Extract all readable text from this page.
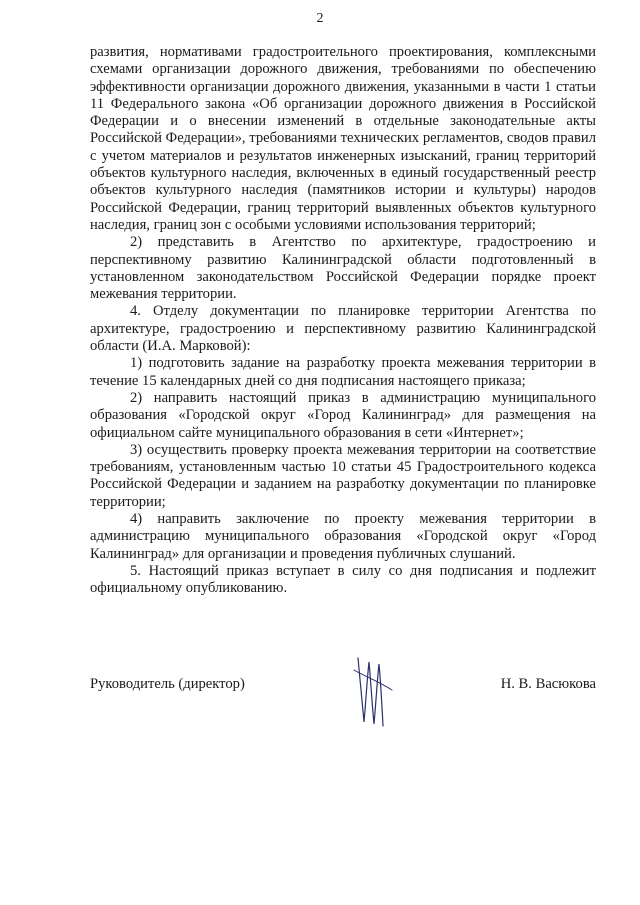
2

развития, нормативами градостроительного проектирования, комплексными схемами организации дорожного движения, требованиями по обеспечению эффективности организации дорожного движения, указанными в части 1 статьи 11 Федерального закона «Об организации дорожного движения в Российской Федерации и о внесении изменений в отдельные законодательные акты Российской Федерации», требованиями технических регламентов, сводов правил с учетом материалов и результатов инженерных изысканий, границ территорий объектов культурного наследия, включенных в единый государственный реестр объектов культурного наследия (памятников истории и культуры) народов Российской Федерации, границ территорий выявленных объектов культурного наследия, границ зон с особыми условиями использования территорий;

2) представить в Агентство по архитектуре, градостроению и перспективному развитию Калининградской области подготовленный в установленном законодательством Российской Федерации порядке проект межевания территории.

4. Отделу документации по планировке территории Агентства по архитектуре, градостроению и перспективному развитию Калининградской области (И.А. Марковой):

1) подготовить задание на разработку проекта межевания территории в течение 15 календарных дней со дня подписания настоящего приказа;

2) направить настоящий приказ в администрацию муниципального образования «Городской округ «Город Калининград» для размещения на официальном сайте муниципального образования в сети «Интернет»;

3) осуществить проверку проекта межевания территории на соответствие требованиям, установленным частью 10 статьи 45 Градостроительного кодекса Российской Федерации и заданием на разработку документации по планировке территории;

4) направить заключение по проекту межевания территории в администрацию муниципального образования «Городской округ «Город Калининград» для организации и проведения публичных слушаний.

5. Настоящий приказ вступает в силу со дня подписания и подлежит официальному опубликованию.

Руководитель (директор)	Н. В. Васюкова
